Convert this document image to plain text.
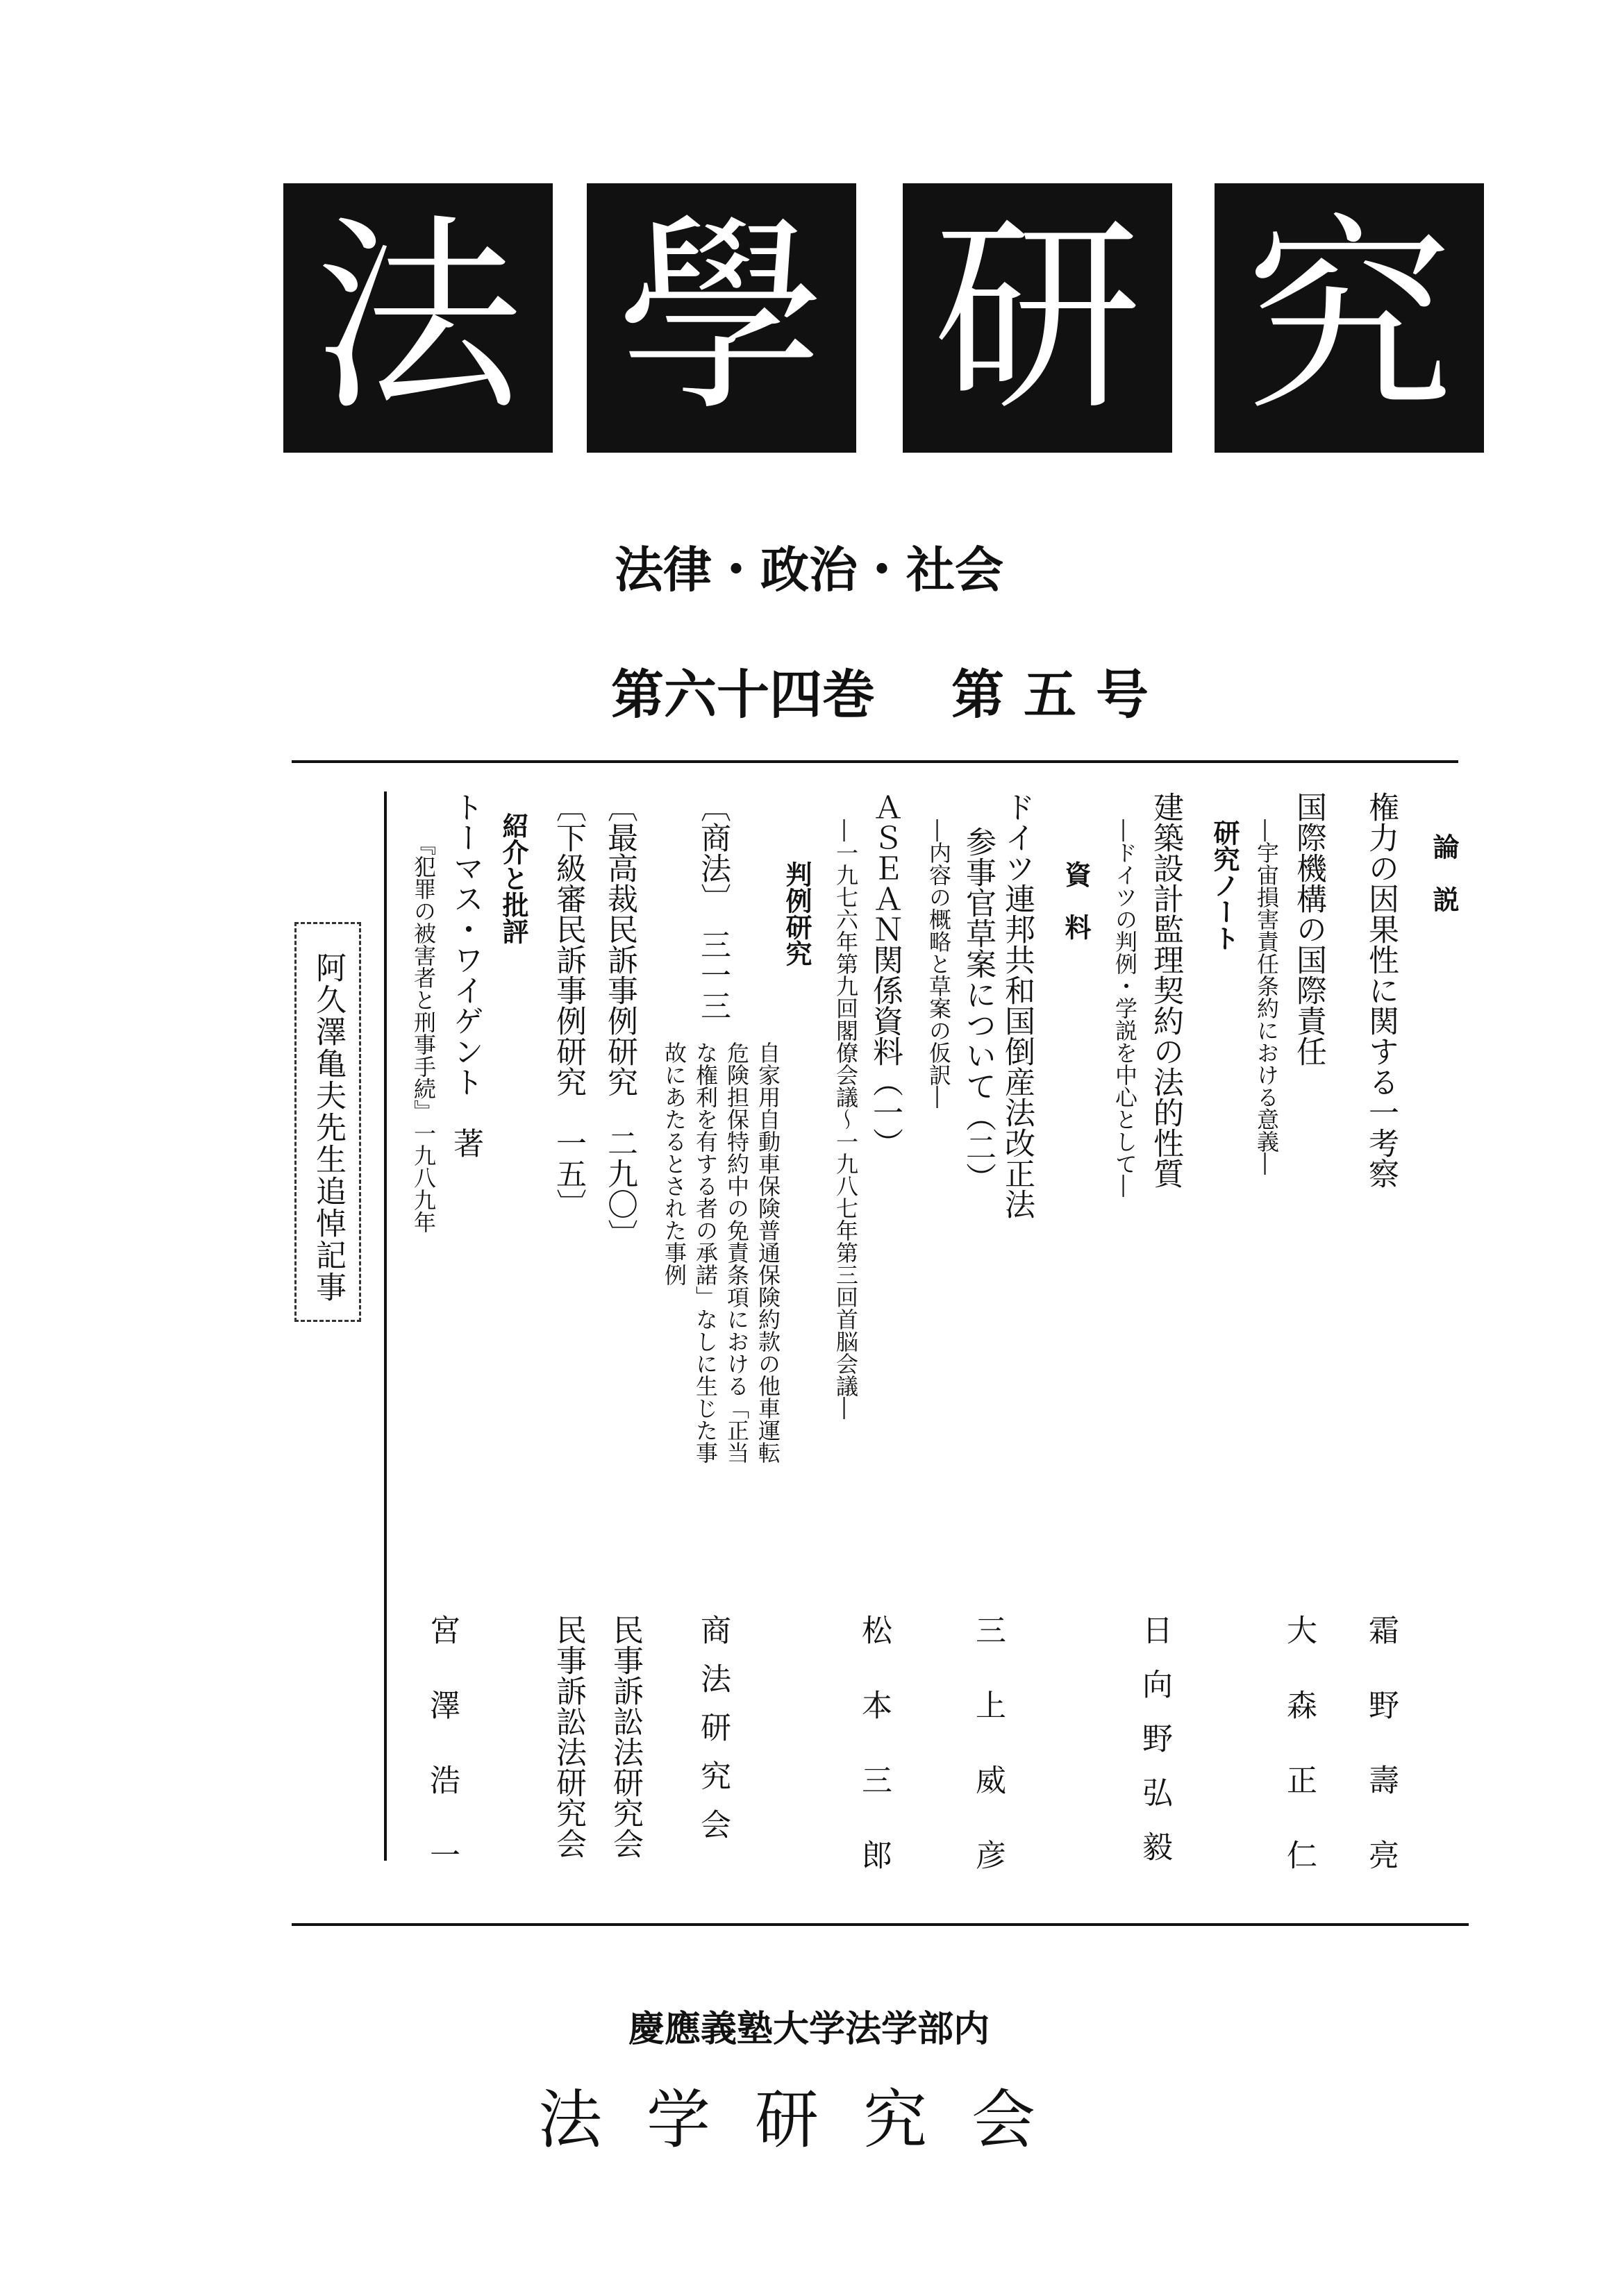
法 學 研 究
法律・政治・社会
第六十四巻 第五号
論　説
権力の因果性に関する一考察
国際機構の国際責任
―宇宙損害責任条約における意義―
研究ノート
建築設計監理契約の法的性質
―ドイツの判例・学説を中心として―
資　料
ドイツ連邦共和国倒産法改正法
参事官草案について（二）
―内容の概略と草案の仮訳―
ＡＳＥＡＮ関係資料（一）
―一九七六年第九回閣僚会議～一九八七年第三回首脳会議―
判例研究
〔商法〕　三一三
自家用自動車保険普通保険約款の他車運転
危険担保特約中の免責条項における「正当
な権利を有する者の承諾」なしに生じた事
故にあたるとされた事例
〔最高裁民訴事例研究　二九〇〕
〔下級審民訴事例研究　一五〕
紹介と批評
トーマス・ワイゲント　著
『犯罪の被害者と刑事手続』一九八九年
霜野壽亮
大森正仁
日向野弘毅
三上威彦
松本三郎
商法研究会
民事訴訟法研究会
民事訴訟法研究会
宮澤浩一
阿久澤亀夫先生追悼記事
慶應義塾大学法学部内
法学研究会
